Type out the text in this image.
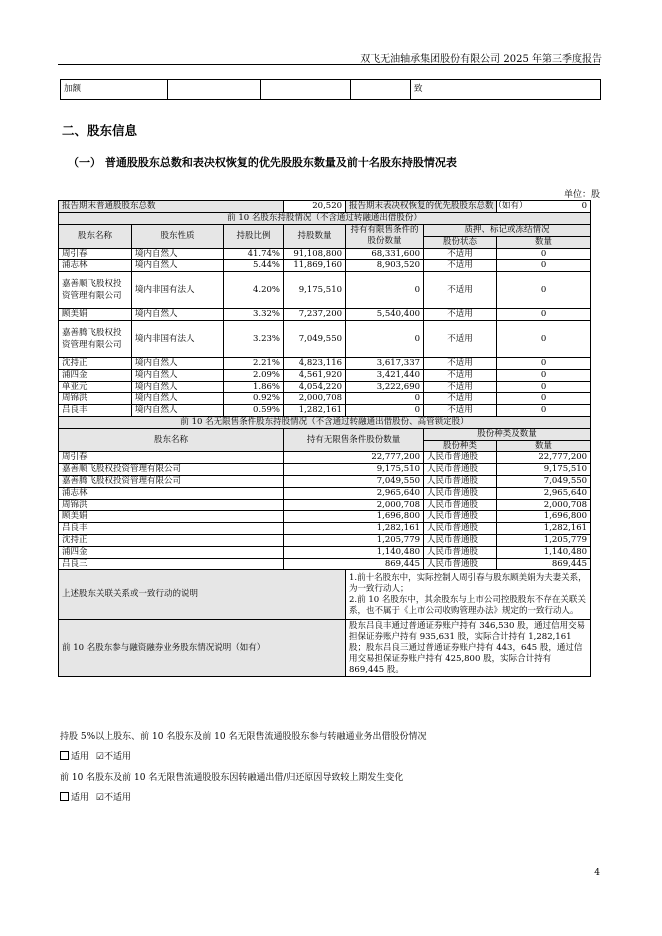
双飞无油轴承集团股份有限公司 2025 年第三季度报告
加额				致
二、股东信息
（一） 普通股股东总数和表决权恢复的优先股股东数量及前十名股东持股情况表
单位：股
报告期末普通股股东总数			20,520	报告期末表决权恢复的优先股股东总数（如有）		0
前 10 名股东持股情况（不含通过转融通出借股份）						
股东名称	股东性质	持股比例	持股数量	持有有限售条件的股份数量	质押、标记或冻结情况	
					股份状态	数量
周引春	境内自然人	41.74%	91,108,800	68,331,600	不适用	0
浦志林	境内自然人	5.44%	11,869,160	8,903,520	不适用	0
嘉善顺飞股权投资管理有限公司	境内非国有法人	4.20%	9,175,510	0	不适用	0
顾美娟	境内自然人	3.32%	7,237,200	5,540,400	不适用	0
嘉善腾飞股权投资管理有限公司	境内非国有法人	3.23%	7,049,550	0	不适用	0
沈持正	境内自然人	2.21%	4,823,116	3,617,337	不适用	0
浦四金	境内自然人	2.09%	4,561,920	3,421,440	不适用	0
单亚元	境内自然人	1.86%	4,054,220	3,222,690	不适用	0
周锦洪	境内自然人	0.92%	2,000,708	0	不适用	0
吕良丰	境内自然人	0.59%	1,282,161	0	不适用	0
前 10 名无限售条件股东持股情况（不含通过转融通出借股份、高管锁定股）						
股东名称			持有无限售条件股份数量		股份种类及数量	
					股份种类	数量
周引春			22,777,200		人民币普通股	22,777,200
嘉善顺飞股权投资管理有限公司			9,175,510		人民币普通股	9,175,510
嘉善腾飞股权投资管理有限公司			7,049,550		人民币普通股	7,049,550
浦志林			2,965,640		人民币普通股	2,965,640
周锦洪			2,000,708		人民币普通股	2,000,708
顾美娟			1,696,800		人民币普通股	1,696,800
吕良丰			1,282,161		人民币普通股	1,282,161
沈持正			1,205,779		人民币普通股	1,205,779
浦四金			1,140,480		人民币普通股	1,140,480
吕良三			869,445		人民币普通股	869,445
上述股东关联关系或一致行动的说明				1.前十名股东中，实际控制人周引春与股东顾美娟为夫妻关系，为一致行动人；
2.前 10 名股东中，其余股东与上市公司控股股东不存在关联关系，也不属于《上市公司收购管理办法》规定的一致行动人。		

前 10 名股东参与融资融券业务股东情况说明（如有）				股东吕良丰通过普通证券账户持有 346,530 股，通过信用交易担保证券账户持有 935,631 股，实际合计持有 1,282,161 股；股东吕良三通过普通证券账户持有 443，645 股，通过信用交易担保证券账户持有 425,800 股，实际合计持有 869,445 股。		
持股 5%以上股东、前 10 名股东及前 10 名无限售流通股股东参与转融通业务出借股份情况
适用 ☑不适用
前 10 名股东及前 10 名无限售流通股股东因转融通出借/归还原因导致较上期发生变化
适用 ☑不适用
4
